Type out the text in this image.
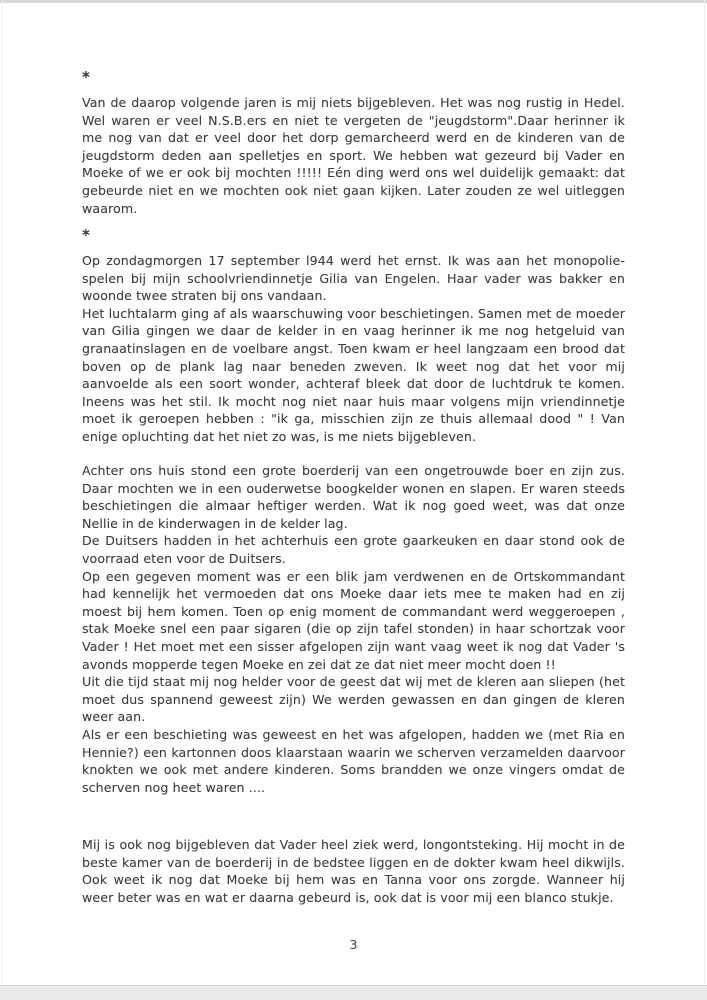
*

Van de daarop volgende jaren is mij niets bijgebleven. Het was nog rustig in Hedel. Wel waren er veel N.S.B.ers en niet te vergeten de "jeugdstorm".Daar herinner ik me nog van dat er veel door het dorp gemarcheerd werd en de kinderen van de jeugdstorm deden aan spelletjes en sport. We hebben wat gezeurd bij Vader en Moeke of we er ook bij mochten !!!!! Eén ding werd ons wel duidelijk gemaakt: dat gebeurde niet en we mochten ook niet gaan kijken. Later zouden ze wel uitleggen waarom.

*

Op zondagmorgen 17 september l944 werd het ernst. Ik was aan het monopolie-spelen bij mijn schoolvriendinnetje Gilia van Engelen. Haar vader was bakker en woonde twee straten bij ons vandaan.

Het luchtalarm ging af als waarschuwing voor beschietingen. Samen met de moeder van Gilia gingen we daar de kelder in en vaag herinner ik me nog hetgeluid van granaatinslagen en de voelbare angst. Toen kwam er heel langzaam een brood dat boven op de plank lag naar beneden zweven. Ik weet nog dat het voor mij aanvoelde als een soort wonder, achteraf bleek dat door de luchtdruk te komen. Ineens was het stil. Ik mocht nog niet naar huis maar volgens mijn vriendinnetje moet ik geroepen hebben : "ik ga, misschien zijn ze thuis allemaal dood " ! Van enige opluchting dat het niet zo was, is me niets bijgebleven.

Achter ons huis stond een grote boerderij van een ongetrouwde boer en zijn zus. Daar mochten we in een ouderwetse boogkelder wonen en slapen. Er waren steeds beschietingen die almaar heftiger werden. Wat ik nog goed weet, was dat onze Nellie in de kinderwagen in de kelder lag.

De Duitsers hadden in het achterhuis een grote gaarkeuken en daar stond ook de voorraad eten voor de Duitsers.

Op een gegeven moment was er een blik jam verdwenen en de Ortskommandant had kennelijk het vermoeden dat ons Moeke daar iets mee te maken had en zij moest bij hem komen. Toen op enig moment de commandant werd weggeroepen , stak Moeke snel een paar sigaren (die op zijn tafel stonden) in haar schortzak voor Vader ! Het moet met een sisser afgelopen zijn want vaag weet ik nog dat Vader 's avonds mopperde tegen Moeke en zei dat ze dat niet meer mocht doen !!

Uit die tijd staat mij nog helder voor de geest dat wij met de kleren aan sliepen (het moet dus spannend geweest zijn) We werden gewassen en dan gingen de kleren weer aan.

Als er een beschieting was geweest en het was afgelopen, hadden we (met Ria en Hennie?) een kartonnen doos klaarstaan waarin we scherven verzamelden daarvoor knokten we ook met andere kinderen. Soms brandden we onze vingers omdat de scherven nog heet waren ....

Mij is ook nog bijgebleven dat Vader heel ziek werd, longontsteking. Hij mocht in de beste kamer van de boerderij in de bedstee liggen en de dokter kwam heel dikwijls. Ook weet ik nog dat Moeke bij hem was en Tanna voor ons zorgde. Wanneer hij weer beter was en wat er daarna gebeurd is, ook dat is voor mij een blanco stukje.

3
